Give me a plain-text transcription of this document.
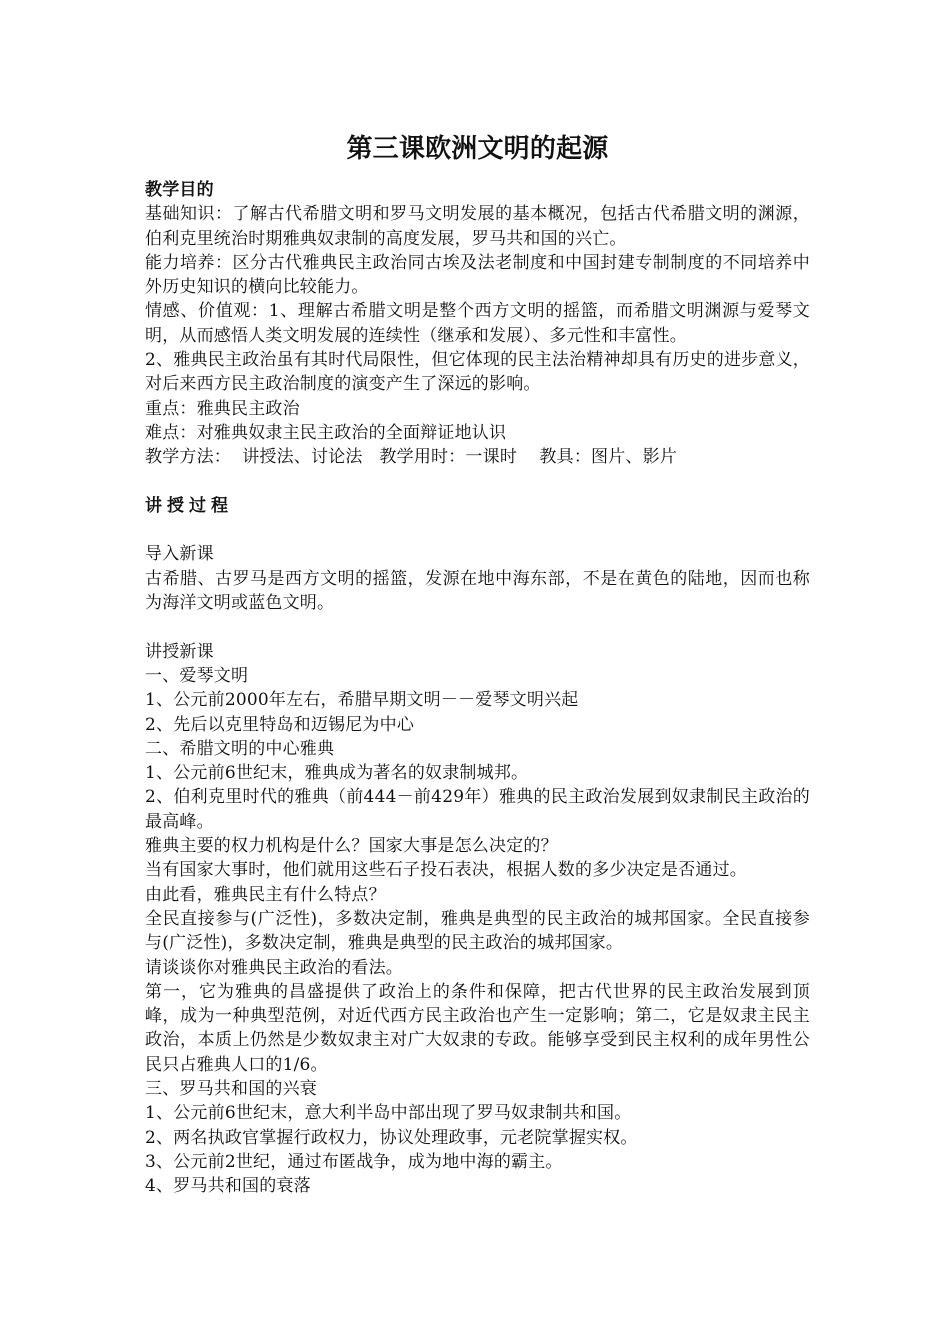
第三课欧洲文明的起源

教学目的

基础知识：了解古代希腊文明和罗马文明发展的基本概况，包括古代希腊文明的渊源，伯利克里统治时期雅典奴隶制的高度发展，罗马共和国的兴亡。

能力培养：区分古代雅典民主政治同古埃及法老制度和中国封建专制制度的不同培养中外历史知识的横向比较能力。

情感、价值观：1、理解古希腊文明是整个西方文明的摇篮，而希腊文明渊源与爱琴文明，从而感悟人类文明发展的连续性（继承和发展）、多元性和丰富性。

2、雅典民主政治虽有其时代局限性，但它体现的民主法治精神却具有历史的进步意义，对后来西方民主政治制度的演变产生了深远的影响。

重点：雅典民主政治

难点：对雅典奴隶主民主政治的全面辩证地认识

教学方法：  讲授法、讨论法   教学用时：一课时    教具：图片、影片

讲授过程

导入新课

古希腊、古罗马是西方文明的摇篮，发源在地中海东部，不是在黄色的陆地，因而也称为海洋文明或蓝色文明。

讲授新课

一、爱琴文明

1、公元前2000年左右，希腊早期文明－－爱琴文明兴起

2、先后以克里特岛和迈锡尼为中心

二、希腊文明的中心雅典

1、公元前6世纪末，雅典成为著名的奴隶制城邦。

2、伯利克里时代的雅典（前444－前429年）雅典的民主政治发展到奴隶制民主政治的最高峰。

雅典主要的权力机构是什么？国家大事是怎么决定的？

当有国家大事时，他们就用这些石子投石表决，根据人数的多少决定是否通过。

由此看，雅典民主有什么特点？

全民直接参与(广泛性)，多数决定制，雅典是典型的民主政治的城邦国家。全民直接参与(广泛性)，多数决定制，雅典是典型的民主政治的城邦国家。

请谈谈你对雅典民主政治的看法。

第一，它为雅典的昌盛提供了政治上的条件和保障，把古代世界的民主政治发展到顶峰，成为一种典型范例，对近代西方民主政治也产生一定影响；第二，它是奴隶主民主政治，本质上仍然是少数奴隶主对广大奴隶的专政。能够享受到民主权利的成年男性公民只占雅典人口的1/6。

三、罗马共和国的兴衰

1、公元前6世纪末，意大利半岛中部出现了罗马奴隶制共和国。

2、两名执政官掌握行政权力，协议处理政事，元老院掌握实权。

3、公元前2世纪，通过布匿战争，成为地中海的霸主。

4、罗马共和国的衰落
